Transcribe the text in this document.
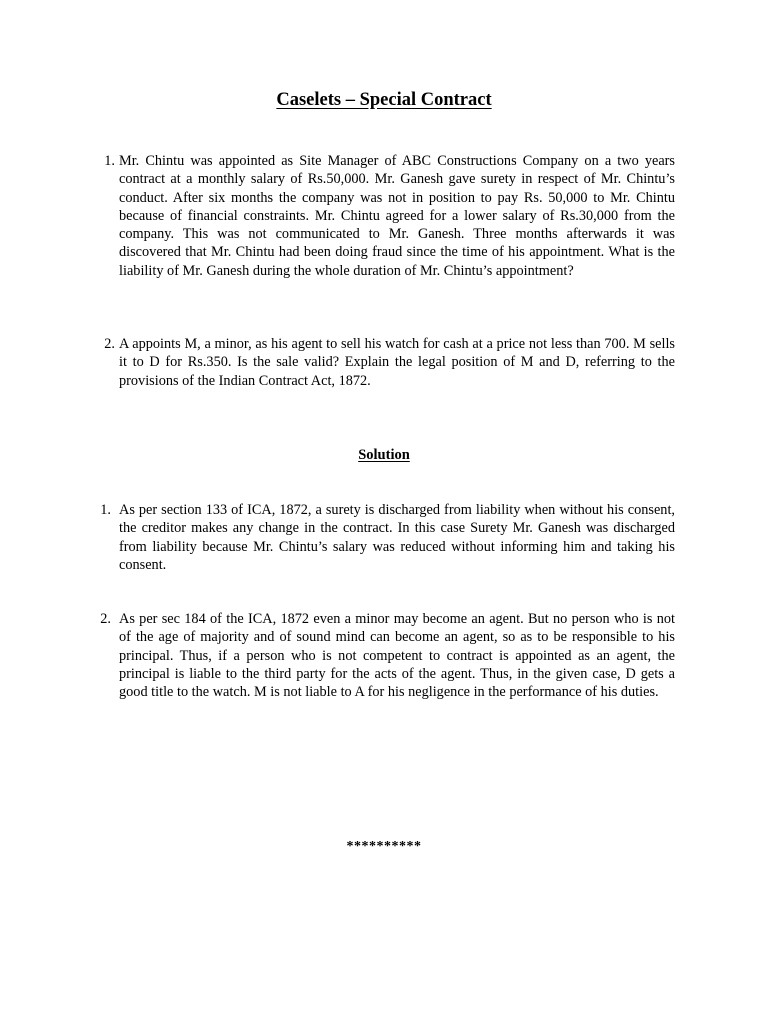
Caselets – Special Contract
1. Mr. Chintu was appointed as Site Manager of ABC Constructions Company on a two years contract at a monthly salary of Rs.50,000. Mr. Ganesh gave surety in respect of Mr. Chintu’s conduct. After six months the company was not in position to pay Rs. 50,000 to Mr. Chintu because of financial constraints. Mr. Chintu agreed for a lower salary of Rs.30,000 from the company. This was not communicated to Mr. Ganesh. Three months afterwards it was discovered that Mr. Chintu had been doing fraud since the time of his appointment. What is the liability of Mr. Ganesh during the whole duration of Mr. Chintu’s appointment?
2. A appoints M, a minor, as his agent to sell his watch for cash at a price not less than 700. M sells it to D for Rs.350. Is the sale valid? Explain the legal position of M and D, referring to the provisions of the Indian Contract Act, 1872.
Solution
1. As per section 133 of ICA, 1872, a surety is discharged from liability when without his consent, the creditor makes any change in the contract. In this case Surety Mr. Ganesh was discharged from liability because Mr. Chintu’s salary was reduced without informing him and taking his consent.
2. As per sec 184 of the ICA, 1872 even a minor may become an agent. But no person who is not of the age of majority and of sound mind can become an agent, so as to be responsible to his principal. Thus, if a person who is not competent to contract is appointed as an agent, the principal is liable to the third party for the acts of the agent. Thus, in the given case, D gets a good title to the watch. M is not liable to A for his negligence in the performance of his duties.
**********
